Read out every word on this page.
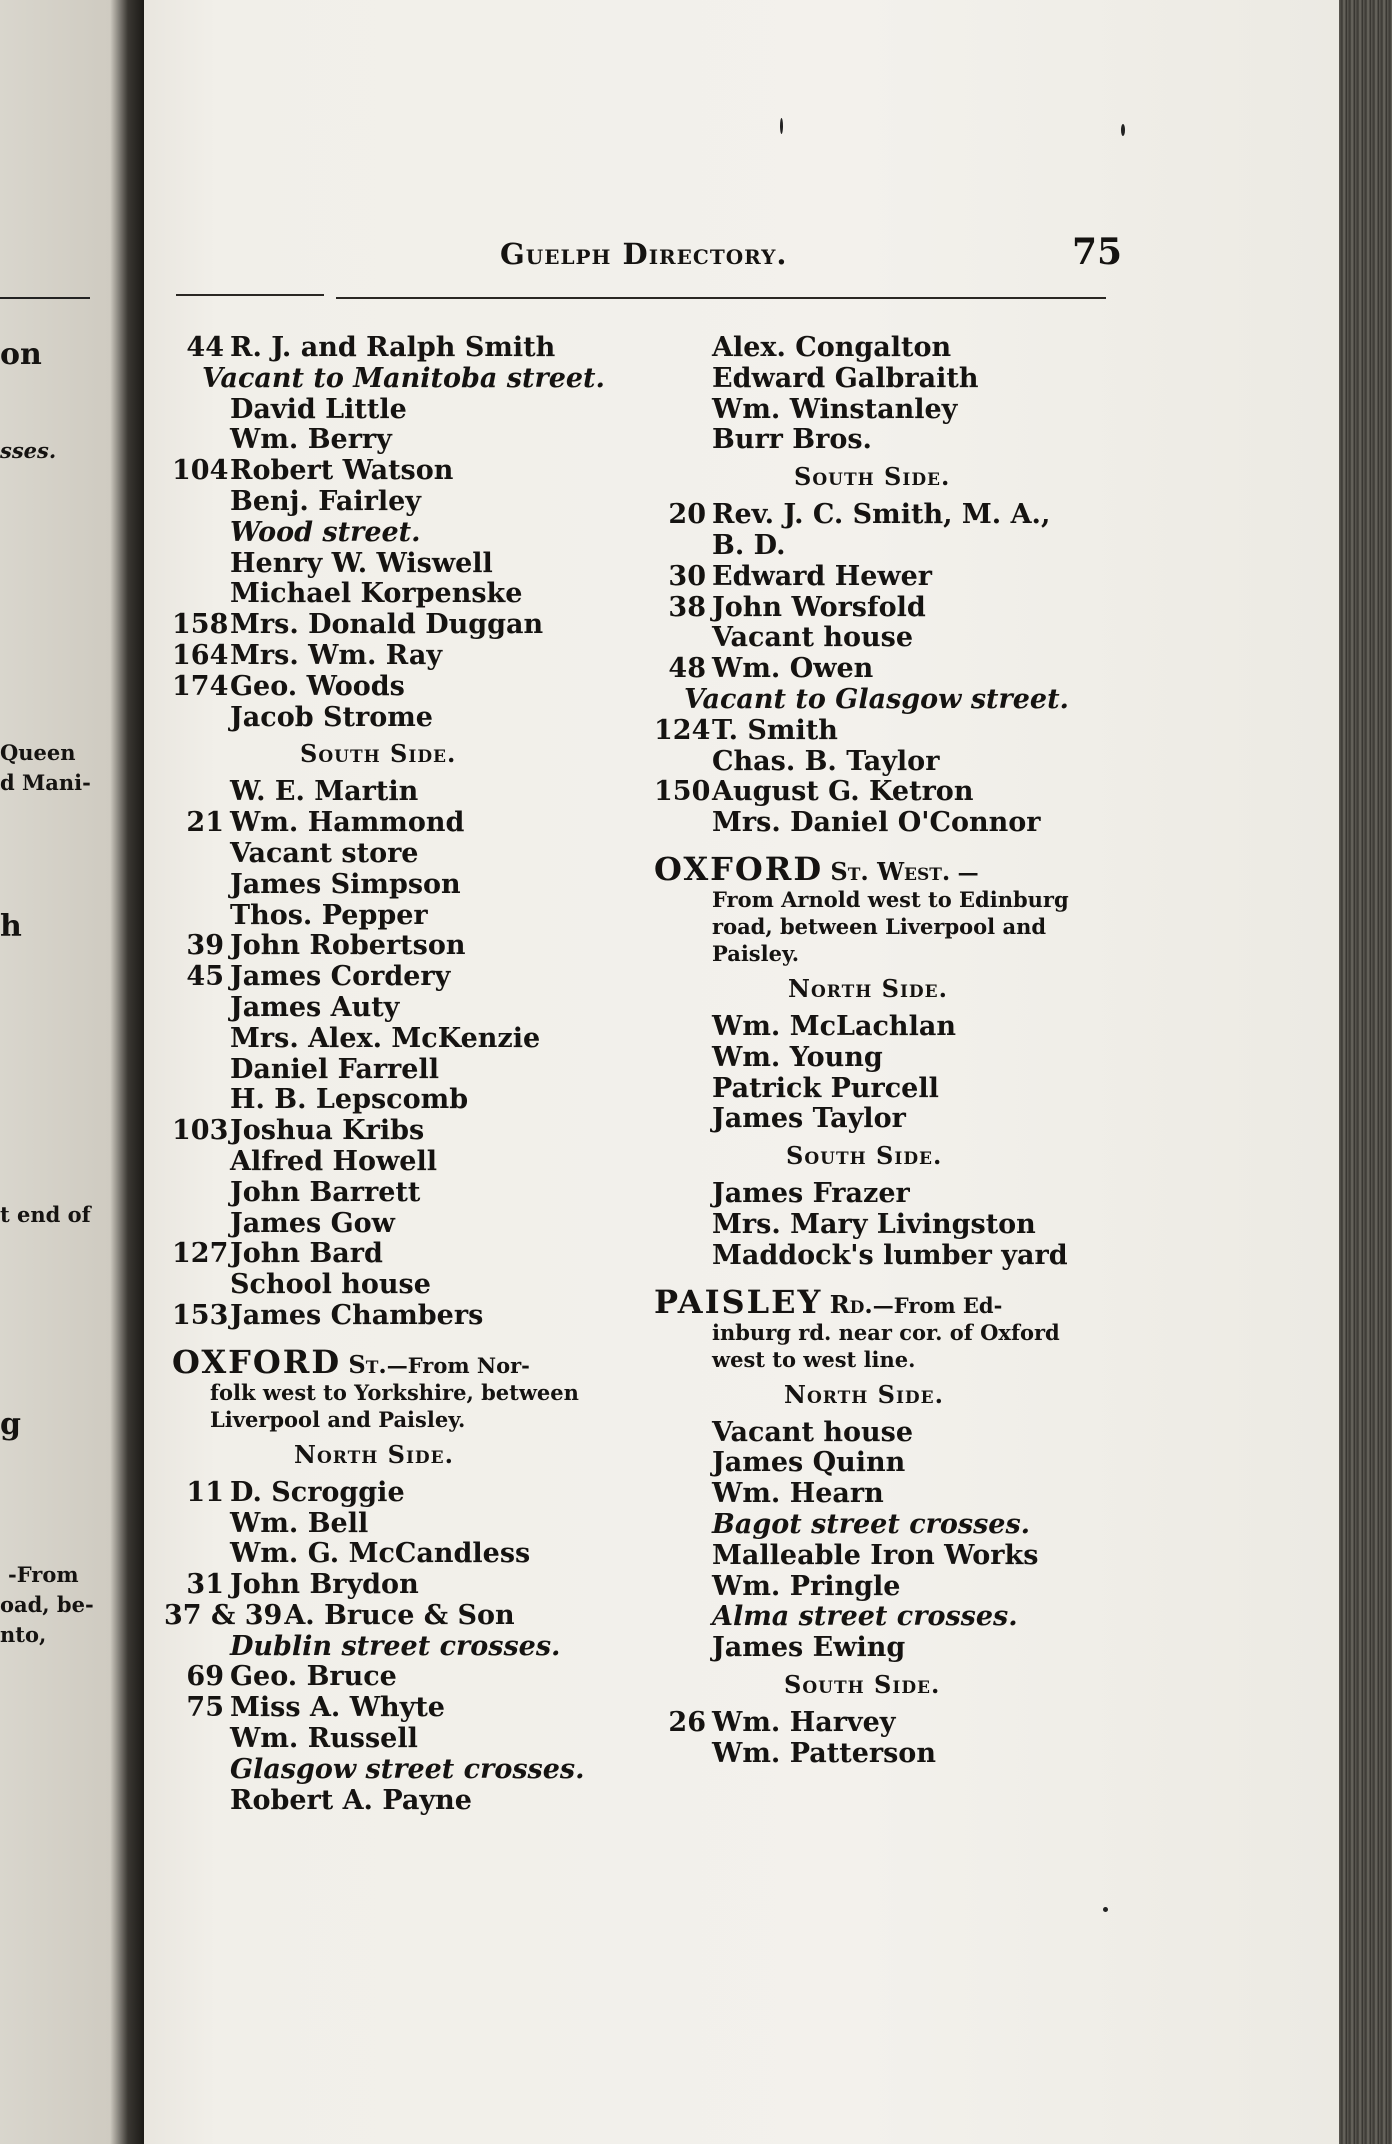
on
sses.
Queen
d Mani-
h
t end of
g
-From
oad, be-
nto,
Guelph Directory.	75
44 R. J. and Ralph Smith
Vacant to Manitoba street.
David Little
Wm. Berry
104 Robert Watson
Benj. Fairley
Wood street.
Henry W. Wiswell
Michael Korpenske
158 Mrs. Donald Duggan
164 Mrs. Wm. Ray
174 Geo. Woods
Jacob Strome
South Side.
W. E. Martin
21 Wm. Hammond
Vacant store
James Simpson
Thos. Pepper
39 John Robertson
45 James Cordery
James Auty
Mrs. Alex. McKenzie
Daniel Farrell
H. B. Lepscomb
103 Joshua Kribs
Alfred Howell
John Barrett
James Gow
127 John Bard
School house
153 James Chambers
OXFORD St.—From Nor-
folk west to Yorkshire, between
Liverpool and Paisley.
North Side.
11 D. Scroggie
Wm. Bell
Wm. G. McCandless
31 John Brydon
37 & 39 A. Bruce & Son
Dublin street crosses.
69 Geo. Bruce
75 Miss A. Whyte
Wm. Russell
Glasgow street crosses.
Robert A. Payne
Alex. Congalton
Edward Galbraith
Wm. Winstanley
Burr Bros.
South Side.
20 Rev. J. C. Smith, M. A.,
B. D.
30 Edward Hewer
38 John Worsfold
Vacant house
48 Wm. Owen
Vacant to Glasgow street.
124 T. Smith
Chas. B. Taylor
150 August G. Ketron
Mrs. Daniel O'Connor
OXFORD St. West. —
From Arnold west to Edinburg
road, between Liverpool and
Paisley.
North Side.
Wm. McLachlan
Wm. Young
Patrick Purcell
James Taylor
South Side.
James Frazer
Mrs. Mary Livingston
Maddock's lumber yard
PAISLEY Rd.—From Ed-
inburg rd. near cor. of Oxford
west to west line.
North Side.
Vacant house
James Quinn
Wm. Hearn
Bagot street crosses.
Malleable Iron Works
Wm. Pringle
Alma street crosses.
James Ewing
South Side.
26 Wm. Harvey
Wm. Patterson
